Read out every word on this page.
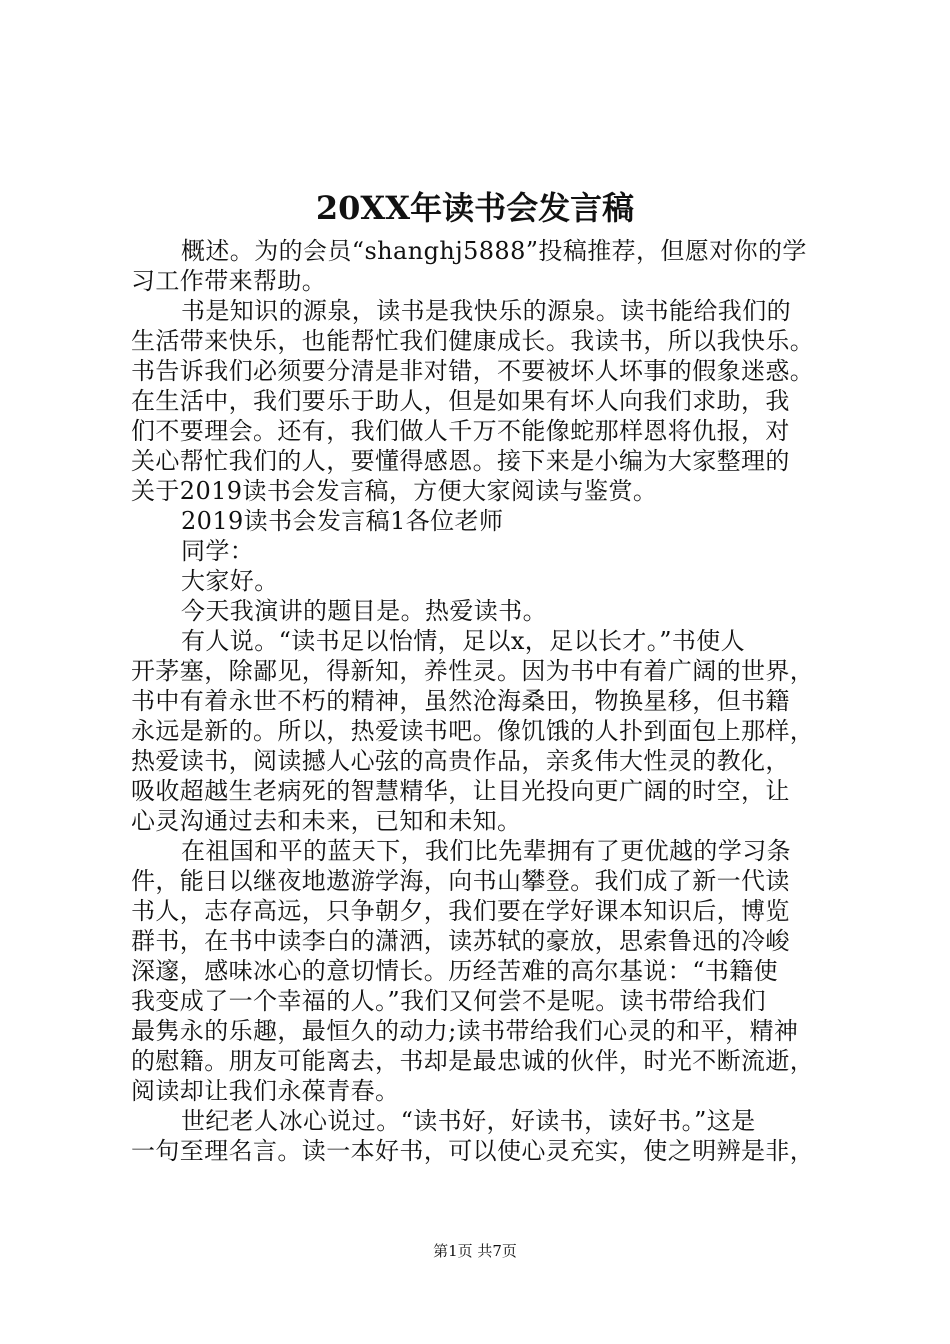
20XX年读书会发言稿
概述。为的会员“shanghj5888”投稿推荐，但愿对你的学
习工作带来帮助。
书是知识的源泉，读书是我快乐的源泉。读书能给我们的
生活带来快乐，也能帮忙我们健康成长。我读书，所以我快乐。
书告诉我们必须要分清是非对错，不要被坏人坏事的假象迷惑。
在生活中，我们要乐于助人，但是如果有坏人向我们求助，我
们不要理会。还有，我们做人千万不能像蛇那样恩将仇报，对
关心帮忙我们的人，要懂得感恩。接下来是小编为大家整理的
关于2019读书会发言稿，方便大家阅读与鉴赏。
2019读书会发言稿1各位老师
同学：
大家好。
今天我演讲的题目是。热爱读书。
有人说。“读书足以怡情，足以x，足以长才。”书使人
开茅塞，除鄙见，得新知，养性灵。因为书中有着广阔的世界，
书中有着永世不朽的精神，虽然沧海桑田，物换星移，但书籍
永远是新的。所以，热爱读书吧。像饥饿的人扑到面包上那样，
热爱读书，阅读撼人心弦的高贵作品，亲炙伟大性灵的教化，
吸收超越生老病死的智慧精华，让目光投向更广阔的时空，让
心灵沟通过去和未来，已知和未知。
在祖国和平的蓝天下，我们比先辈拥有了更优越的学习条
件，能日以继夜地遨游学海，向书山攀登。我们成了新一代读
书人，志存高远，只争朝夕，我们要在学好课本知识后，博览
群书，在书中读李白的潇洒，读苏轼的豪放，思索鲁迅的冷峻
深邃，感味冰心的意切情长。历经苦难的高尔基说：“书籍使
我变成了一个幸福的人。”我们又何尝不是呢。读书带给我们
最隽永的乐趣，最恒久的动力;读书带给我们心灵的和平，精神
的慰籍。朋友可能离去，书却是最忠诚的伙伴，时光不断流逝，
阅读却让我们永葆青春。
世纪老人冰心说过。“读书好，好读书，读好书。”这是
一句至理名言。读一本好书，可以使心灵充实，使之明辨是非，
第1页 共7页
